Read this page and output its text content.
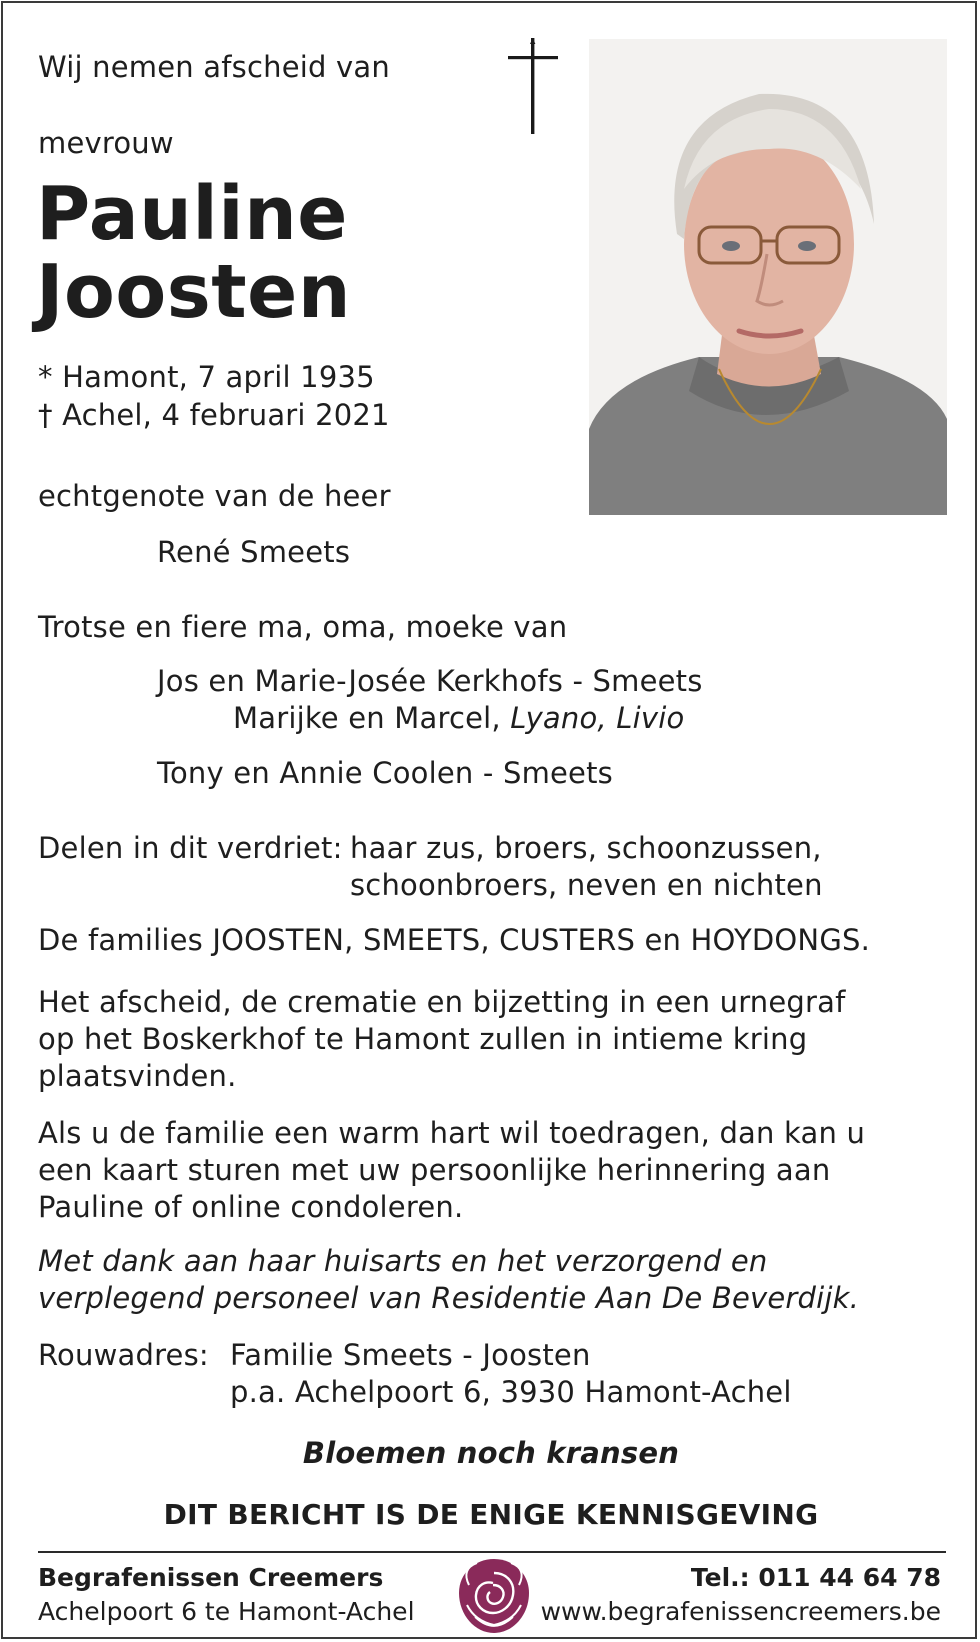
Wij nemen afscheid van
mevrouw
Pauline
Joosten
* Hamont, 7 april 1935
† Achel, 4 februari 2021
echtgenote van de heer
René Smeets
Trotse en fiere ma, oma, moeke van
Jos en Marie-Josée Kerkhofs - Smeets
Marijke en Marcel, Lyano, Livio
Tony en Annie Coolen - Smeets
Delen in dit verdriet: haar zus, broers, schoonzussen,
schoonbroers, neven en nichten
De families JOOSTEN, SMEETS, CUSTERS en HOYDONGS.
Het afscheid, de crematie en bijzetting in een urnegraf
op het Boskerkhof te Hamont zullen in intieme kring
plaatsvinden.
Als u de familie een warm hart wil toedragen, dan kan u
een kaart sturen met uw persoonlijke herinnering aan
Pauline of online condoleren.
Met dank aan haar huisarts en het verzorgend en
verplegend personeel van Residentie Aan De Beverdijk.
Rouwadres: Familie Smeets - Joosten
p.a. Achelpoort 6, 3930 Hamont-Achel
Bloemen noch kransen
DIT BERICHT IS DE ENIGE KENNISGEVING
Begrafenissen Creemers
Achelpoort 6 te Hamont-Achel
Tel.: 011 44 64 78
www.begrafenissencreemers.be
